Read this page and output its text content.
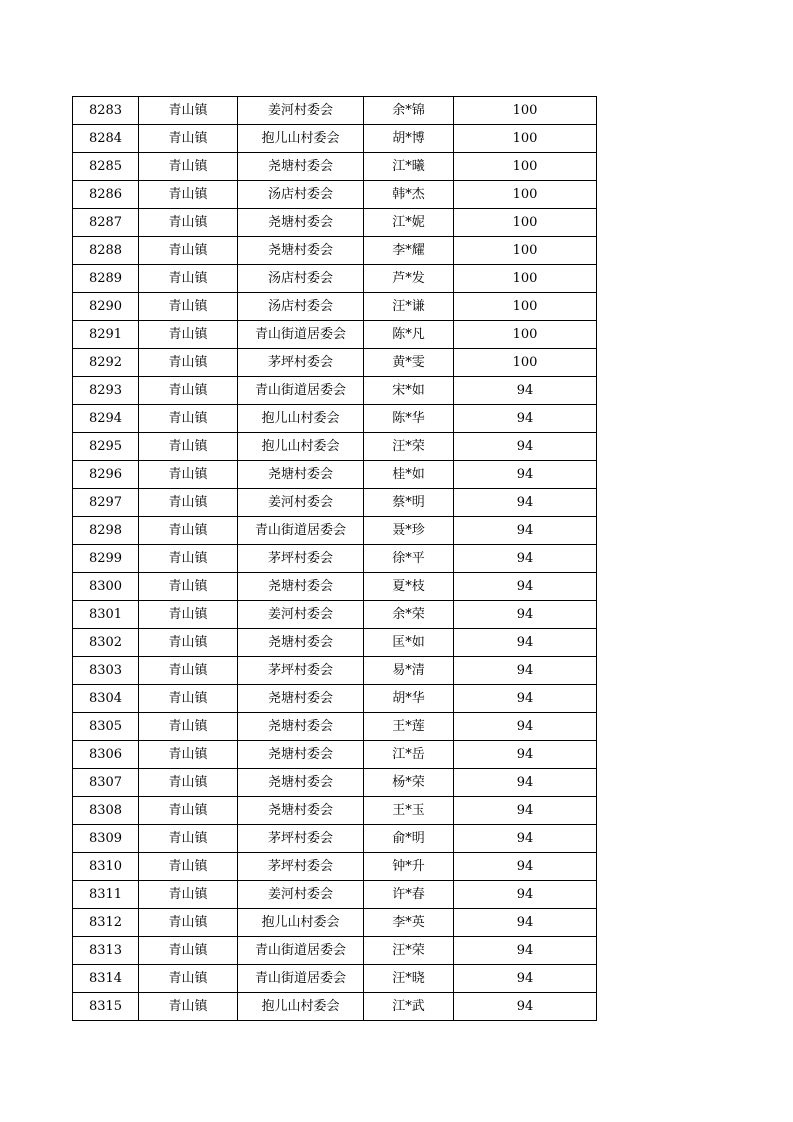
8283	青山镇	姜河村委会	余*锦	100
8284	青山镇	抱儿山村委会	胡*博	100
8285	青山镇	尧塘村委会	江*曦	100
8286	青山镇	汤店村委会	韩*杰	100
8287	青山镇	尧塘村委会	江*妮	100
8288	青山镇	尧塘村委会	李*耀	100
8289	青山镇	汤店村委会	芦*发	100
8290	青山镇	汤店村委会	汪*谦	100
8291	青山镇	青山街道居委会	陈*凡	100
8292	青山镇	茅坪村委会	黄*雯	100
8293	青山镇	青山街道居委会	宋*如	94
8294	青山镇	抱儿山村委会	陈*华	94
8295	青山镇	抱儿山村委会	汪*荣	94
8296	青山镇	尧塘村委会	桂*如	94
8297	青山镇	姜河村委会	蔡*明	94
8298	青山镇	青山街道居委会	聂*珍	94
8299	青山镇	茅坪村委会	徐*平	94
8300	青山镇	尧塘村委会	夏*枝	94
8301	青山镇	姜河村委会	余*荣	94
8302	青山镇	尧塘村委会	匡*如	94
8303	青山镇	茅坪村委会	易*清	94
8304	青山镇	尧塘村委会	胡*华	94
8305	青山镇	尧塘村委会	王*莲	94
8306	青山镇	尧塘村委会	江*岳	94
8307	青山镇	尧塘村委会	杨*荣	94
8308	青山镇	尧塘村委会	王*玉	94
8309	青山镇	茅坪村委会	俞*明	94
8310	青山镇	茅坪村委会	钟*升	94
8311	青山镇	姜河村委会	许*春	94
8312	青山镇	抱儿山村委会	李*英	94
8313	青山镇	青山街道居委会	汪*荣	94
8314	青山镇	青山街道居委会	汪*晓	94
8315	青山镇	抱儿山村委会	江*武	94
